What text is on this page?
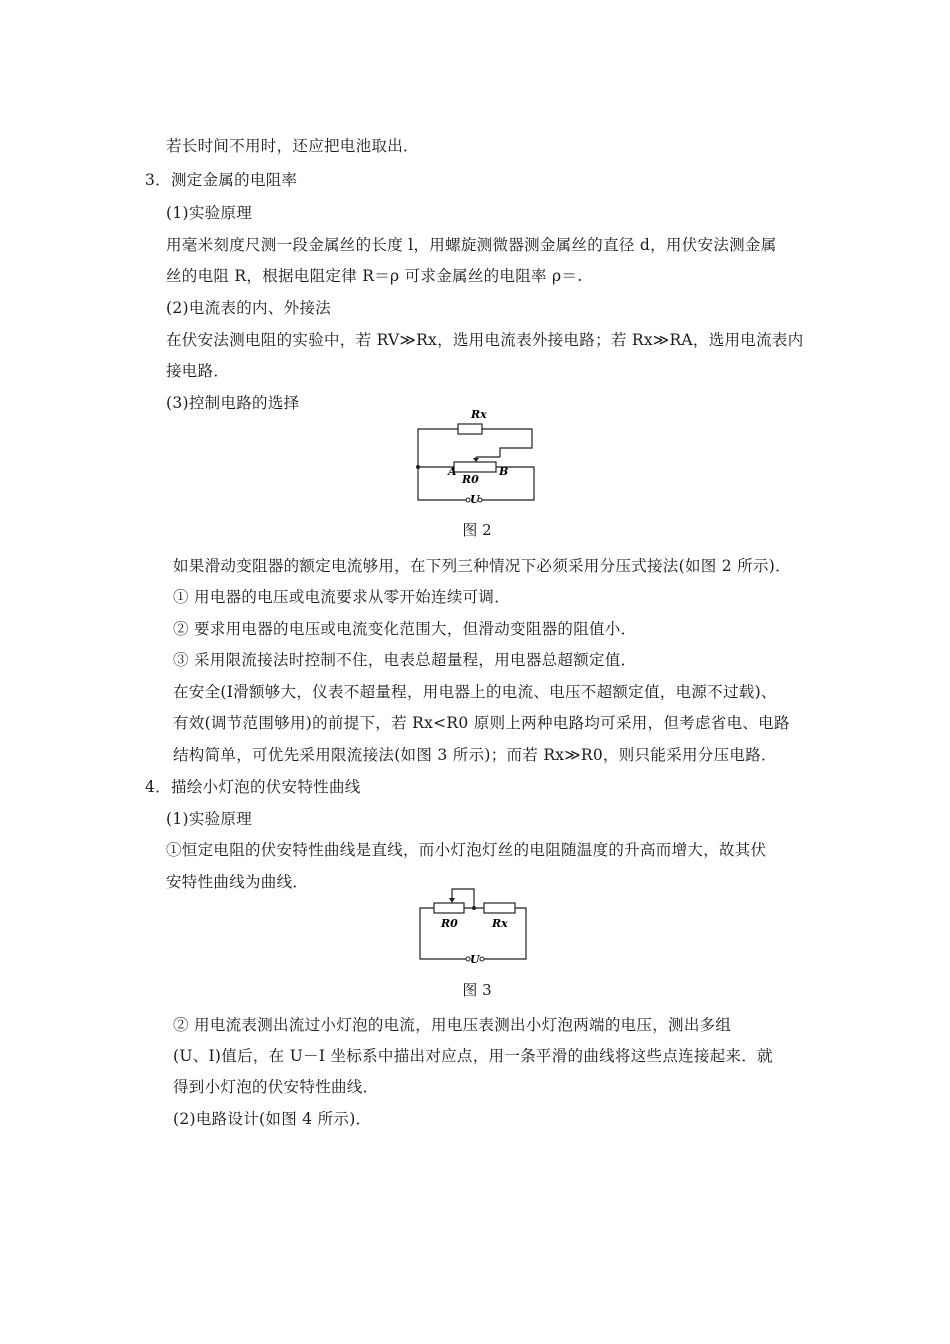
若长时间不用时，还应把电池取出．
3．测定金属的电阻率
(1)实验原理
用毫米刻度尺测一段金属丝的长度 l，用螺旋测微器测金属丝的直径 d，用伏安法测金属
丝的电阻 R，根据电阻定律 R＝ρ 可求金属丝的电阻率 ρ＝.
(2)电流表的内、外接法
在伏安法测电阻的实验中，若 RV≫Rx，选用电流表外接电路；若 Rx≫RA，选用电流表内
接电路．
(3)控制电路的选择
Rx
R0
A	B
U
图 2
如果滑动变阻器的额定电流够用，在下列三种情况下必须采用分压式接法(如图 2 所示)．
① 用电器的电压或电流要求从零开始连续可调．
② 要求用电器的电压或电流变化范围大，但滑动变阻器的阻值小．
③ 采用限流接法时控制不住，电表总超量程，用电器总超额定值．
在安全(I滑额够大，仪表不超量程，用电器上的电流、电压不超额定值，电源不过载)、
有效(调节范围够用)的前提下，若 Rx<R0 原则上两种电路均可采用，但考虑省电、电路
结构简单，可优先采用限流接法(如图 3 所示)；而若 Rx≫R0，则只能采用分压电路．
4．描绘小灯泡的伏安特性曲线
(1)实验原理
①恒定电阻的伏安特性曲线是直线，而小灯泡灯丝的电阻随温度的升高而增大，故其伏
安特性曲线为曲线．
R0	Rx
U
图 3
② 用电流表测出流过小灯泡的电流，用电压表测出小灯泡两端的电压，测出多组
(U、I)值后，在 U－I 坐标系中描出对应点，用一条平滑的曲线将这些点连接起来．就
得到小灯泡的伏安特性曲线．
(2)电路设计(如图 4 所示)．
